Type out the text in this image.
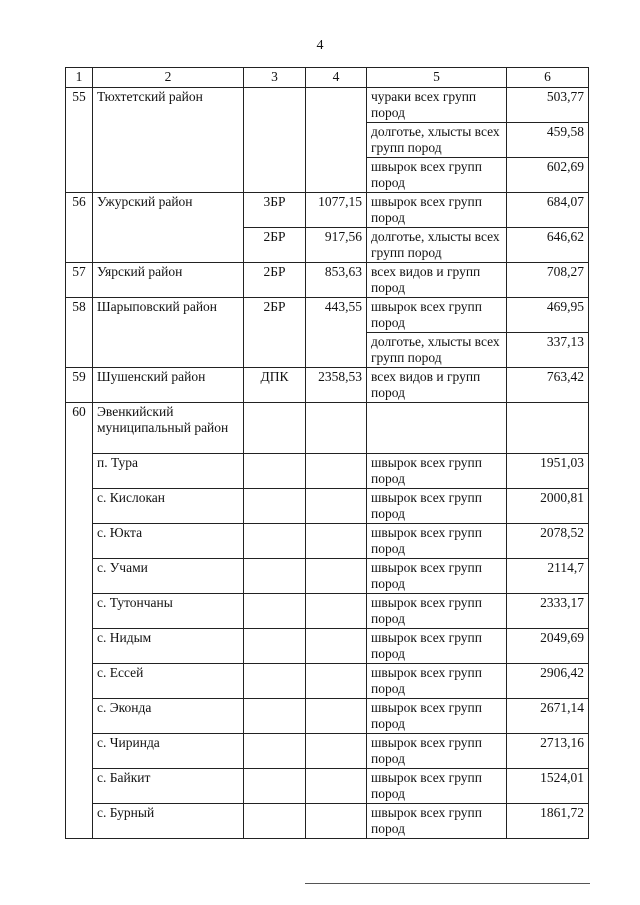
4
1	2	3	4	5	6
55	Тюхтетский район			чураки всех групп пород	503,77
				долготье, хлысты всех групп пород	459,58
				швырок всех групп пород	602,69
56	Ужурский район	3БР	1077,15	швырок всех групп пород	684,07
		2БР	917,56	долготье, хлысты всех групп пород	646,62
57	Уярский район	2БР	853,63	всех видов и групп пород	708,27
58	Шарыповский район	2БР	443,55	швырок всех групп пород	469,95
				долготье, хлысты всех групп пород	337,13
59	Шушенский район	ДПК	2358,53	всех видов и групп пород	763,42
60	Эвенкийский муниципальный район				
	п. Тура			швырок всех групп пород	1951,03
	с. Кислокан			швырок всех групп пород	2000,81
	с. Юкта			швырок всех групп пород	2078,52
	с. Учами			швырок всех групп пород	2114,7
	с. Тутончаны			швырок всех групп пород	2333,17
	с. Нидым			швырок всех групп пород	2049,69
	с. Ессей			швырок всех групп пород	2906,42
	с. Эконда			швырок всех групп пород	2671,14
	с. Чиринда			швырок всех групп пород	2713,16
	с. Байкит			швырок всех групп пород	1524,01
	с. Бурный			швырок всех групп пород	1861,72
